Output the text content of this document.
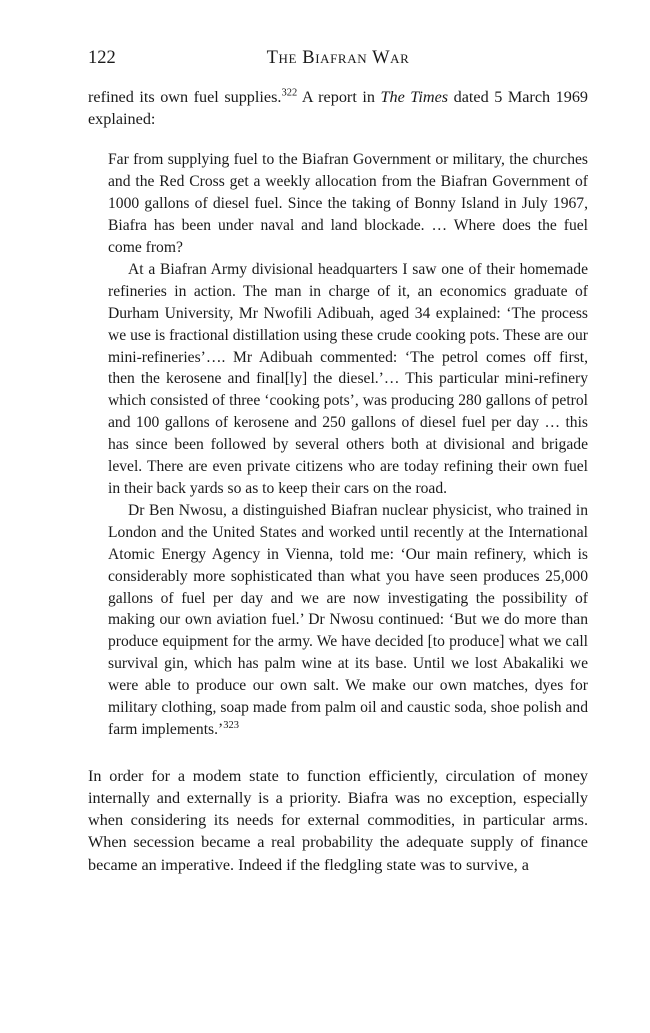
122	The Biafran War

refined its own fuel supplies.$^{322}$ A report in The Times dated 5 March 1969 explained:

Far from supplying fuel to the Biafran Government or military, the churches and the Red Cross get a weekly allocation from the Biafran Government of 1000 gallons of diesel fuel. Since the taking of Bonny Island in July 1967, Biafra has been under naval and land blockade. … Where does the fuel come from?

At a Biafran Army divisional headquarters I saw one of their homemade refineries in action. The man in charge of it, an economics graduate of Durham University, Mr Nwofili Adibuah, aged 34 explained: ‘The process we use is fractional distillation using these crude cooking pots. These are our mini-refineries’…. Mr Adibuah commented: ‘The petrol comes off first, then the kerosene and final[ly] the diesel.’… This particular mini-refinery which consisted of three ‘cooking pots’, was producing 280 gallons of petrol and 100 gallons of kerosene and 250 gallons of diesel fuel per day … this has since been followed by several others both at divisional and brigade level. There are even private citizens who are today refining their own fuel in their back yards so as to keep their cars on the road.

Dr Ben Nwosu, a distinguished Biafran nuclear physicist, who trained in London and the United States and worked until recently at the International Atomic Energy Agency in Vienna, told me: ‘Our main refinery, which is considerably more sophisticated than what you have seen produces 25,000 gallons of fuel per day and we are now investigating the possibility of making our own aviation fuel.’ Dr Nwosu continued: ‘But we do more than produce equipment for the army. We have decided [to produce] what we call survival gin, which has palm wine at its base. Until we lost Abakaliki we were able to produce our own salt. We make our own matches, dyes for military clothing, soap made from palm oil and caustic soda, shoe polish and farm implements.’$^{323}$

In order for a modem state to function efficiently, circulation of money internally and externally is a priority. Biafra was no exception, especially when considering its needs for external commodities, in particular arms. When secession became a real probability the adequate supply of finance became an imperative. Indeed if the fledgling state was to survive, a
